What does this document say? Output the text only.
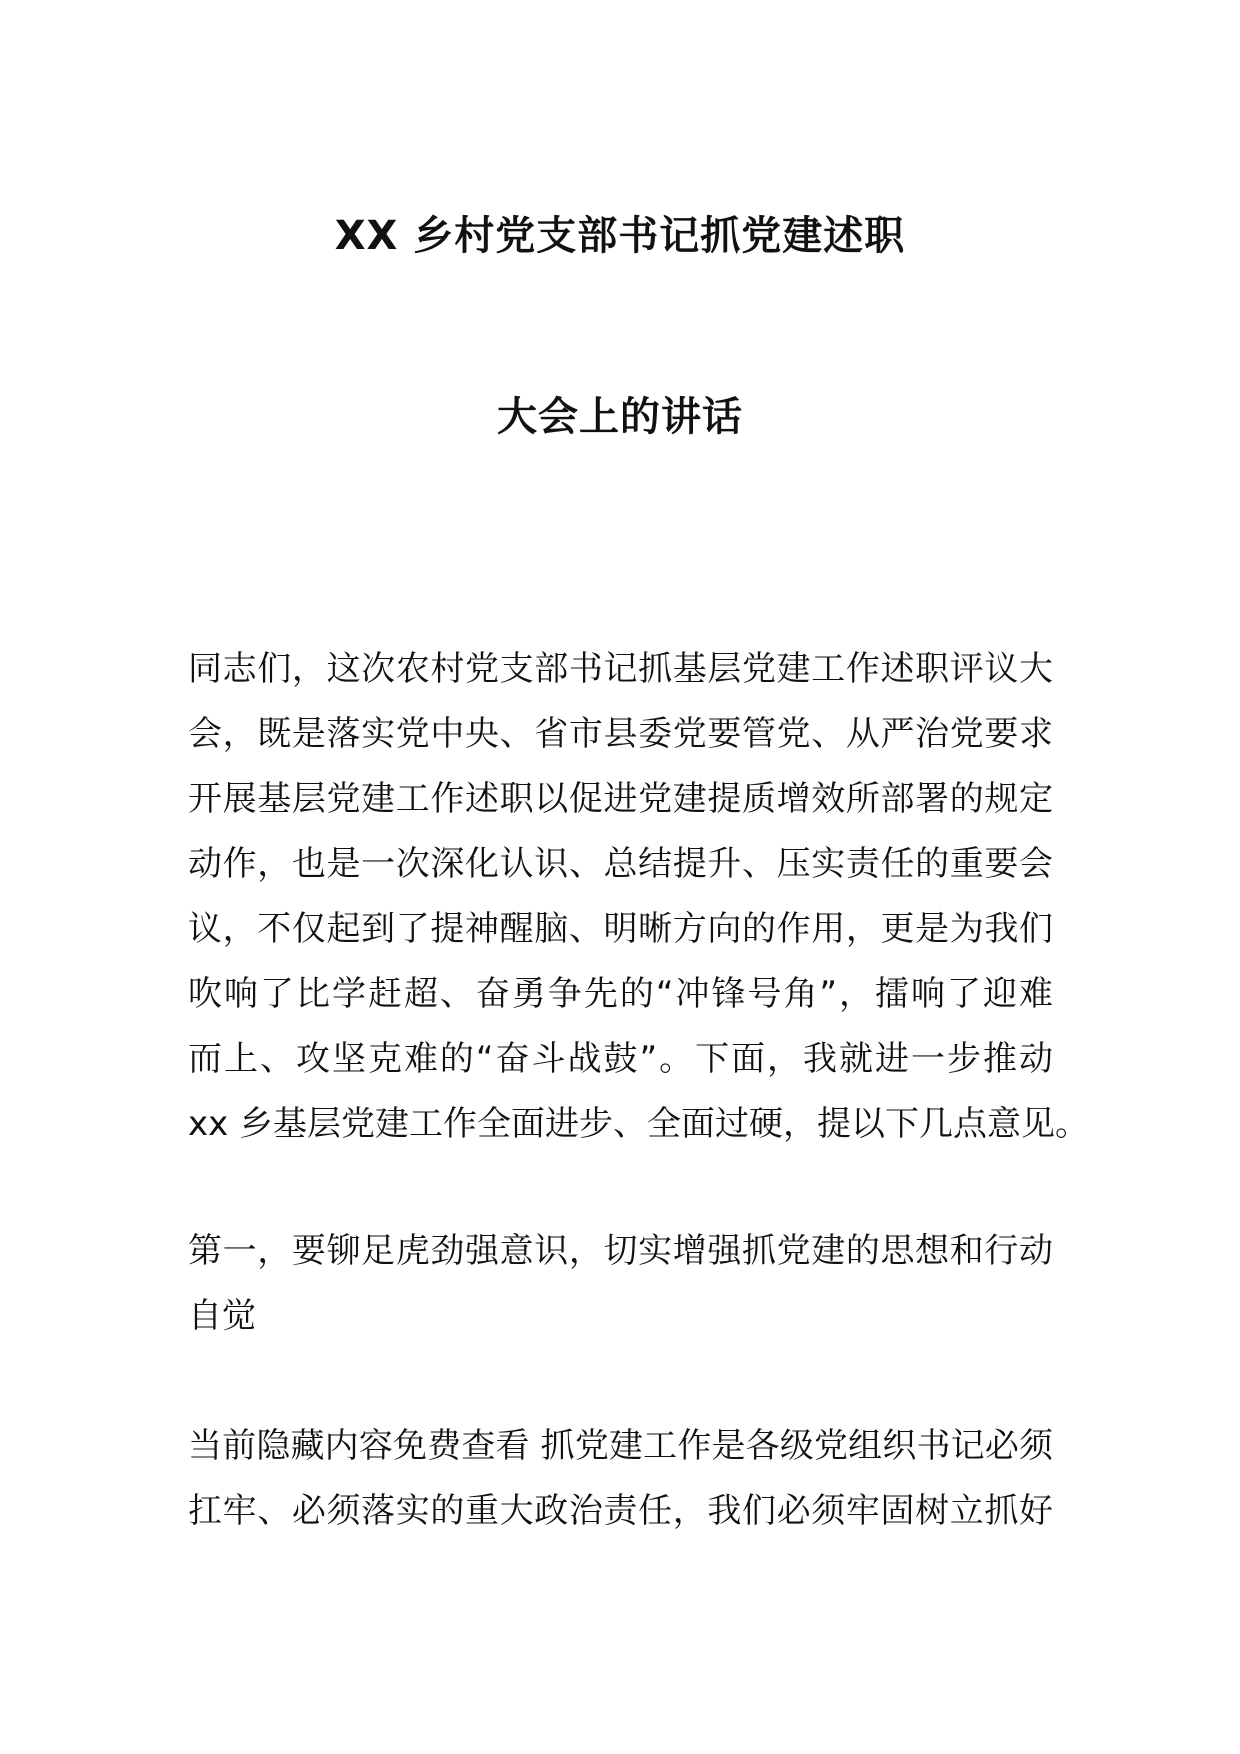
XX 乡村党支部书记抓党建述职
大会上的讲话
同志们，这次农村党支部书记抓基层党建工作述职评议大
会，既是落实党中央、省市县委党要管党、从严治党要求
开展基层党建工作述职以促进党建提质增效所部署的规定
动作，也是一次深化认识、总结提升、压实责任的重要会
议，不仅起到了提神醒脑、明晰方向的作用，更是为我们
吹响了比学赶超、奋勇争先的“冲锋号角”，擂响了迎难
而上、攻坚克难的“奋斗战鼓”。下面，我就进一步推动
xx 乡基层党建工作全面进步、全面过硬，提以下几点意见。
第一，要铆足虎劲强意识，切实增强抓党建的思想和行动
自觉
当前隐藏内容免费查看 抓党建工作是各级党组织书记必须
扛牢、必须落实的重大政治责任，我们必须牢固树立抓好
